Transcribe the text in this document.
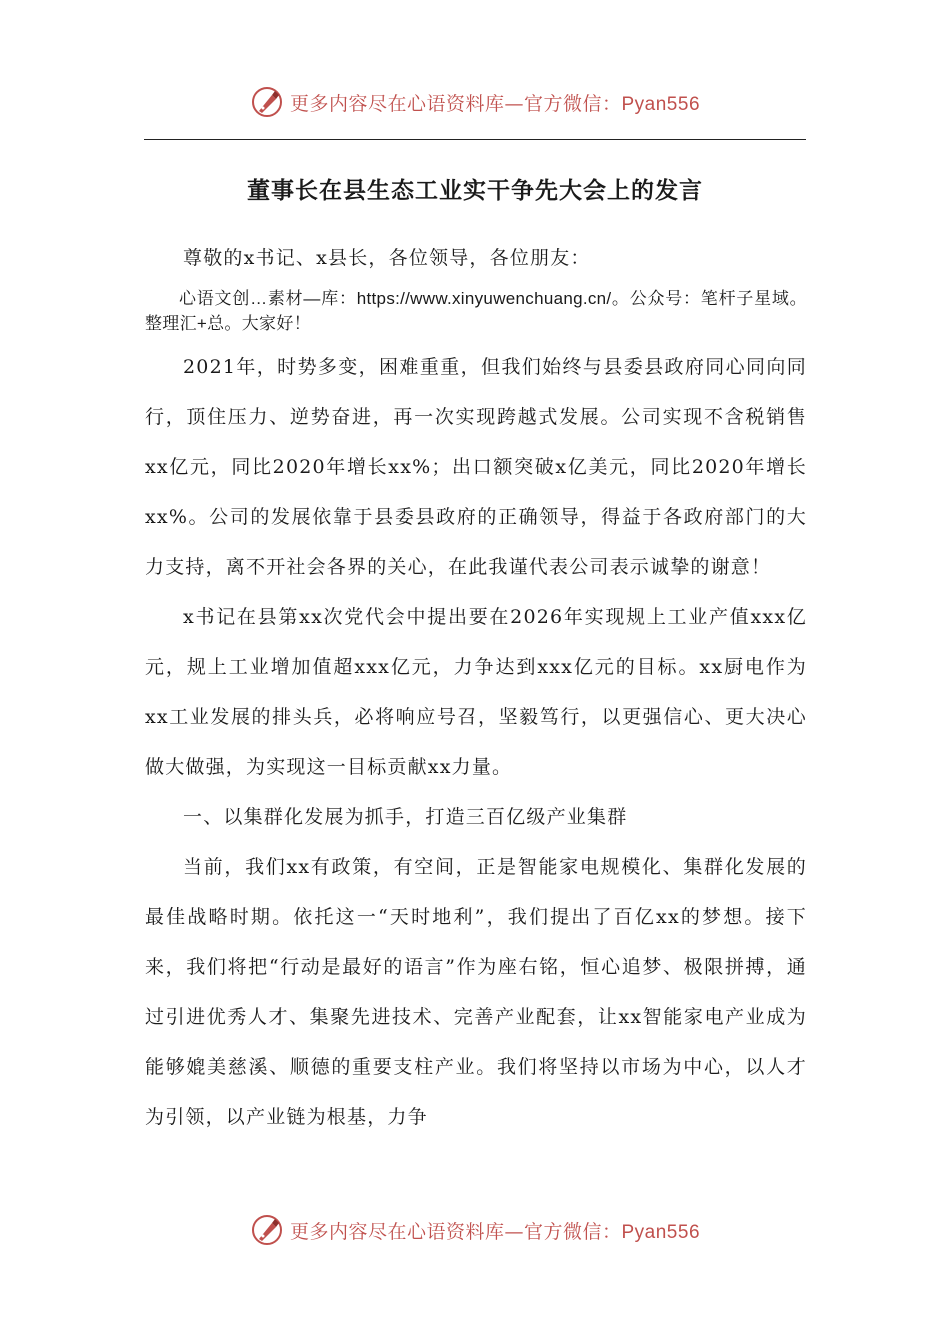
更多内容尽在心语资料库—官方微信：Pyan556
董事长在县生态工业实干争先大会上的发言

尊敬的x书记、x县长，各位领导，各位朋友：

心语文创…素材—库：https://www.xinyuwenchuang.cn/。公众号：笔杆子星域。整理汇+总。大家好！

2021年，时势多变，困难重重，但我们始终与县委县政府同心同向同行，顶住压力、逆势奋进，再一次实现跨越式发展。公司实现不含税销售xx亿元，同比2020年增长xx%；出口额突破x亿美元，同比2020年增长xx%。公司的发展依靠于县委县政府的正确领导，得益于各政府部门的大力支持，离不开社会各界的关心，在此我谨代表公司表示诚挚的谢意！

x书记在县第xx次党代会中提出要在2026年实现规上工业产值xxx亿元，规上工业增加值超xxx亿元，力争达到xxx亿元的目标。xx厨电作为xx工业发展的排头兵，必将响应号召，坚毅笃行，以更强信心、更大决心做大做强，为实现这一目标贡献xx力量。

一、以集群化发展为抓手，打造三百亿级产业集群

当前，我们xx有政策，有空间，正是智能家电规模化、集群化发展的最佳战略时期。依托这一“天时地利”，我们提出了百亿xx的梦想。接下来，我们将把“行动是最好的语言”作为座右铭，恒心追梦、极限拼搏，通过引进优秀人才、集聚先进技术、完善产业配套，让xx智能家电产业成为能够媲美慈溪、顺德的重要支柱产业。我们将坚持以市场为中心，以人才为引领，以产业链为根基，力争

更多内容尽在心语资料库—官方微信：Pyan556
